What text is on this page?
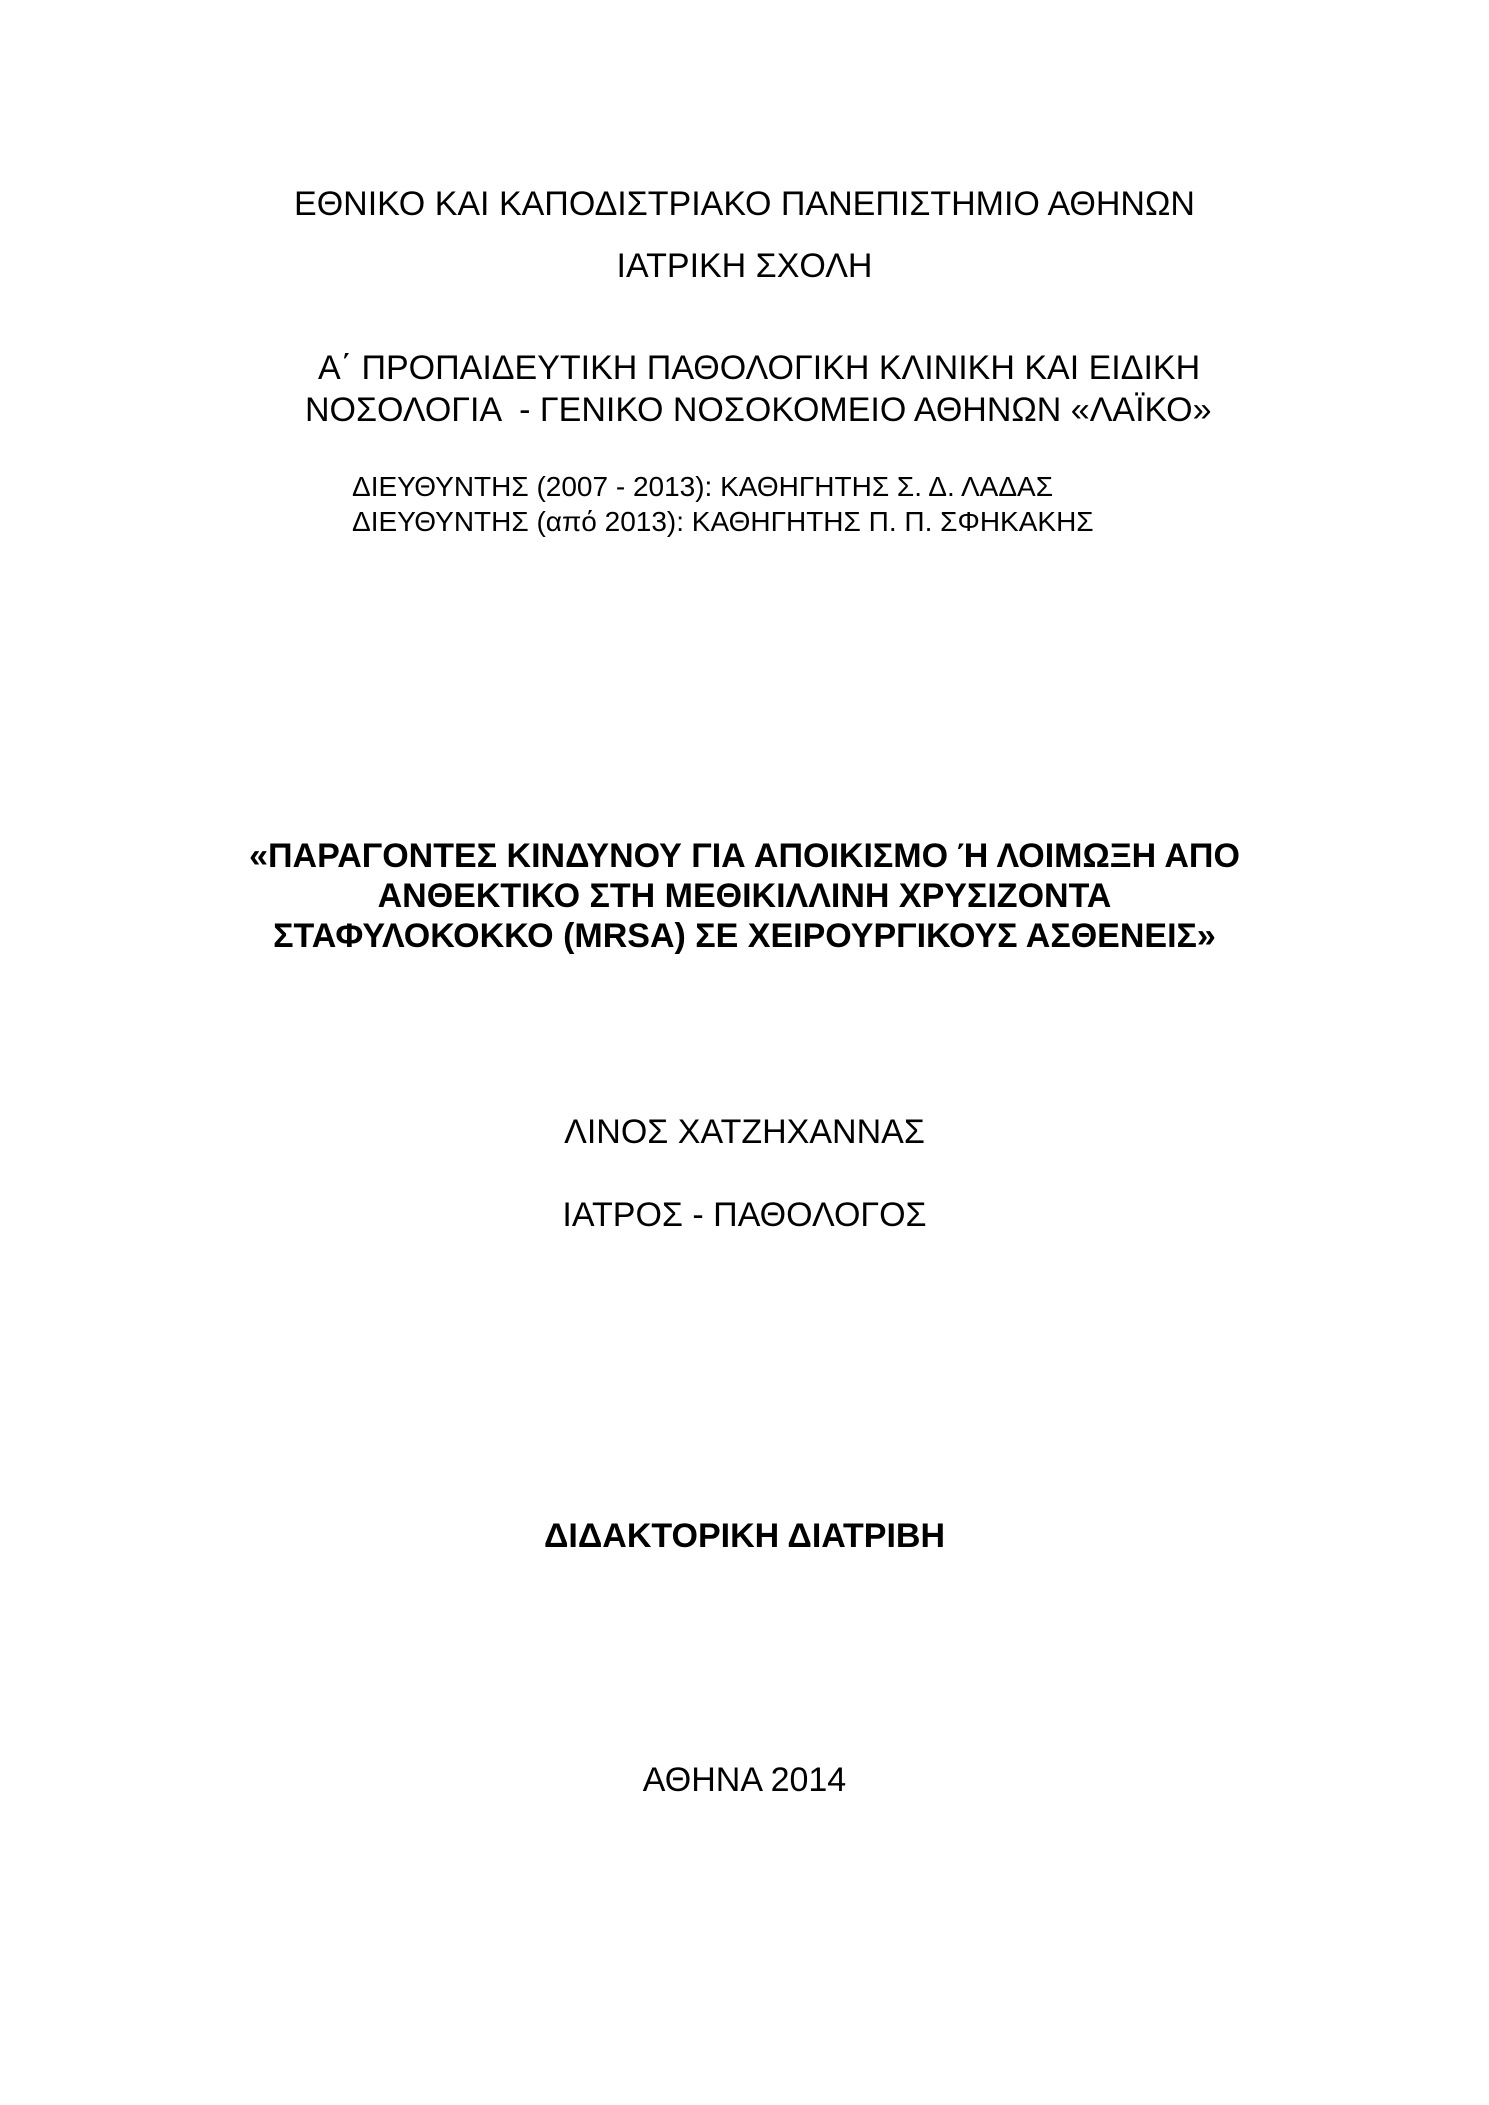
ΕΘΝΙΚΟ ΚΑΙ ΚΑΠΟΔΙΣΤΡΙΑΚΟ ΠΑΝΕΠΙΣΤΗΜΙΟ ΑΘΗΝΩΝ
ΙΑΤΡΙΚΗ ΣΧΟΛΗ
Α΄ ΠΡΟΠΑΙΔΕΥΤΙΚΗ ΠΑΘΟΛΟΓΙΚΗ ΚΛΙΝΙΚΗ ΚΑΙ ΕΙΔΙΚΗ
ΝΟΣΟΛΟΓΙΑ  - ΓΕΝΙΚΟ ΝΟΣΟΚΟΜΕΙΟ ΑΘΗΝΩΝ «ΛΑΪΚΟ»
ΔΙΕΥΘΥΝΤΗΣ (2007 - 2013): ΚΑΘΗΓΗΤΗΣ Σ. Δ. ΛΑΔΑΣ
ΔΙΕΥΘΥΝΤΗΣ (από 2013): ΚΑΘΗΓΗΤΗΣ Π. Π. ΣΦΗΚΑΚΗΣ
«ΠΑΡΑΓΟΝΤΕΣ ΚΙΝΔΥΝΟΥ ΓΙΑ ΑΠΟΙΚΙΣΜΟ Ή ΛΟΙΜΩΞΗ ΑΠΟ
ΑΝΘΕΚΤΙΚΟ ΣΤΗ ΜΕΘΙΚΙΛΛΙΝΗ ΧΡΥΣΙΖΟΝΤΑ
ΣΤΑΦΥΛΟΚΟΚΚΟ (MRSA) ΣΕ ΧΕΙΡΟΥΡΓΙΚΟΥΣ ΑΣΘΕΝΕΙΣ»
ΛΙΝΟΣ ΧΑΤΖΗΧΑΝΝΑΣ
ΙΑΤΡΟΣ - ΠΑΘΟΛΟΓΟΣ
ΔΙΔΑΚΤΟΡΙΚΗ ΔΙΑΤΡΙΒΗ
ΑΘΗΝΑ 2014
